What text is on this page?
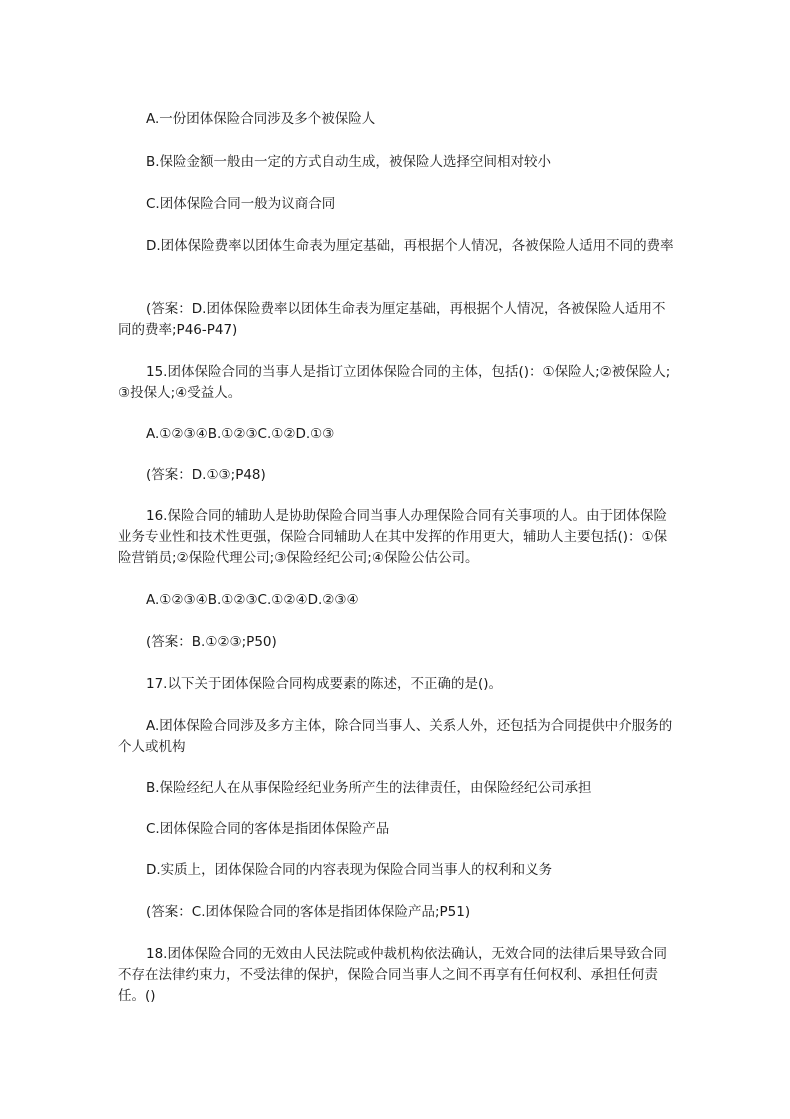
A.一份团体保险合同涉及多个被保险人

B.保险金额一般由一定的方式自动生成，被保险人选择空间相对较小

C.团体保险合同一般为议商合同

D.团体保险费率以团体生命表为厘定基础，再根据个人情况，各被保险人适用不同的费率

(答案：D.团体保险费率以团体生命表为厘定基础，再根据个人情况，各被保险人适用不同的费率;P46-P47)

15.团体保险合同的当事人是指订立团体保险合同的主体，包括()：①保险人;②被保险人;③投保人;④受益人。

A.①②③④B.①②③C.①②D.①③

(答案：D.①③;P48)

16.保险合同的辅助人是协助保险合同当事人办理保险合同有关事项的人。由于团体保险业务专业性和技术性更强，保险合同辅助人在其中发挥的作用更大，辅助人主要包括()：①保险营销员;②保险代理公司;③保险经纪公司;④保险公估公司。

A.①②③④B.①②③C.①②④D.②③④

(答案：B.①②③;P50)

17.以下关于团体保险合同构成要素的陈述，不正确的是()。

A.团体保险合同涉及多方主体，除合同当事人、关系人外，还包括为合同提供中介服务的个人或机构

B.保险经纪人在从事保险经纪业务所产生的法律责任，由保险经纪公司承担

C.团体保险合同的客体是指团体保险产品

D.实质上，团体保险合同的内容表现为保险合同当事人的权利和义务

(答案：C.团体保险合同的客体是指团体保险产品;P51)

18.团体保险合同的无效由人民法院或仲裁机构依法确认，无效合同的法律后果导致合同不存在法律约束力，不受法律的保护，保险合同当事人之间不再享有任何权利、承担任何责任。()
